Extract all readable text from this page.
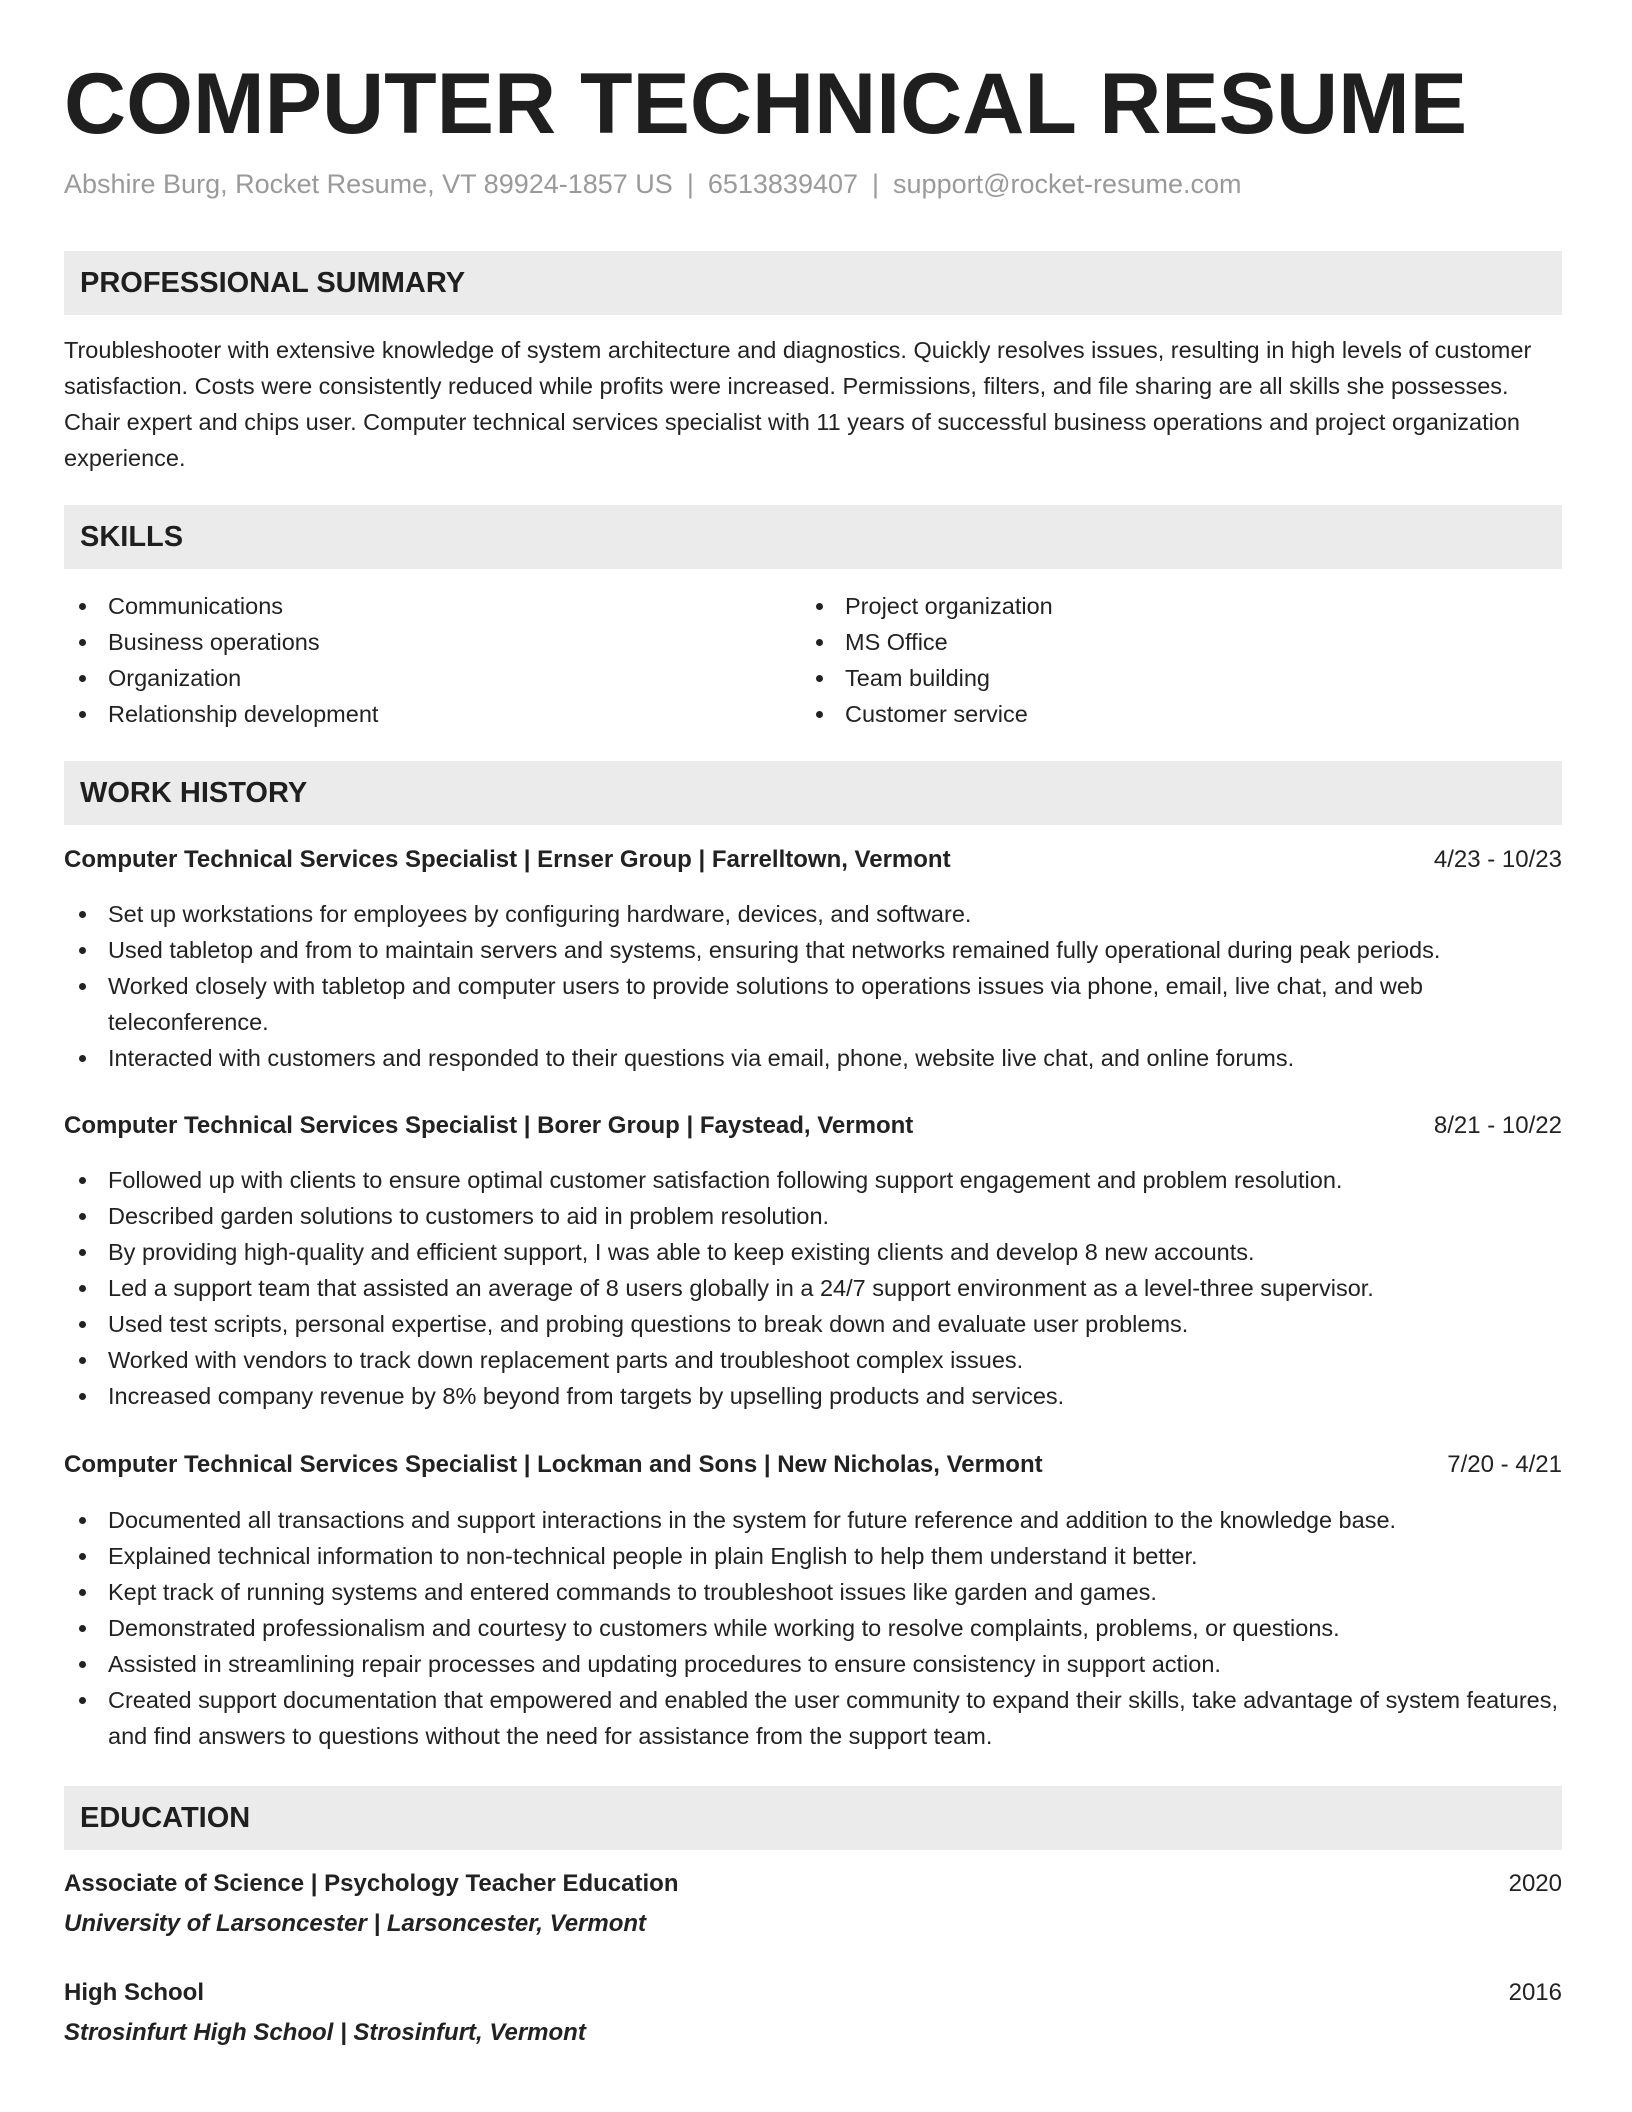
COMPUTER TECHNICAL RESUME
Abshire Burg, Rocket Resume, VT 89924-1857 US | 6513839407 | support@rocket-resume.com
PROFESSIONAL SUMMARY

Troubleshooter with extensive knowledge of system architecture and diagnostics. Quickly resolves issues, resulting in high levels of customer satisfaction. Costs were consistently reduced while profits were increased. Permissions, filters, and file sharing are all skills she possesses. Chair expert and chips user. Computer technical services specialist with 11 years of successful business operations and project organization experience.

SKILLS
Communications
Business operations
Organization
Relationship development
Project organization
MS Office
Team building
Customer service
WORK HISTORY
Computer Technical Services Specialist | Ernser Group | Farrelltown, Vermont	4/23 - 10/23
Set up workstations for employees by configuring hardware, devices, and software.
Used tabletop and from to maintain servers and systems, ensuring that networks remained fully operational during peak periods.
Worked closely with tabletop and computer users to provide solutions to operations issues via phone, email, live chat, and web teleconference.
Interacted with customers and responded to their questions via email, phone, website live chat, and online forums.
Computer Technical Services Specialist | Borer Group | Faystead, Vermont	8/21 - 10/22
Followed up with clients to ensure optimal customer satisfaction following support engagement and problem resolution.
Described garden solutions to customers to aid in problem resolution.
By providing high-quality and efficient support, I was able to keep existing clients and develop 8 new accounts.
Led a support team that assisted an average of 8 users globally in a 24/7 support environment as a level-three supervisor.
Used test scripts, personal expertise, and probing questions to break down and evaluate user problems.
Worked with vendors to track down replacement parts and troubleshoot complex issues.
Increased company revenue by 8% beyond from targets by upselling products and services.
Computer Technical Services Specialist | Lockman and Sons | New Nicholas, Vermont	7/20 - 4/21
Documented all transactions and support interactions in the system for future reference and addition to the knowledge base.
Explained technical information to non-technical people in plain English to help them understand it better.
Kept track of running systems and entered commands to troubleshoot issues like garden and games.
Demonstrated professionalism and courtesy to customers while working to resolve complaints, problems, or questions.
Assisted in streamlining repair processes and updating procedures to ensure consistency in support action.
Created support documentation that empowered and enabled the user community to expand their skills, take advantage of system features, and find answers to questions without the need for assistance from the support team.
EDUCATION
Associate of Science | Psychology Teacher Education	2020
University of Larsoncester | Larsoncester, Vermont
High School	2016
Strosinfurt High School | Strosinfurt, Vermont
